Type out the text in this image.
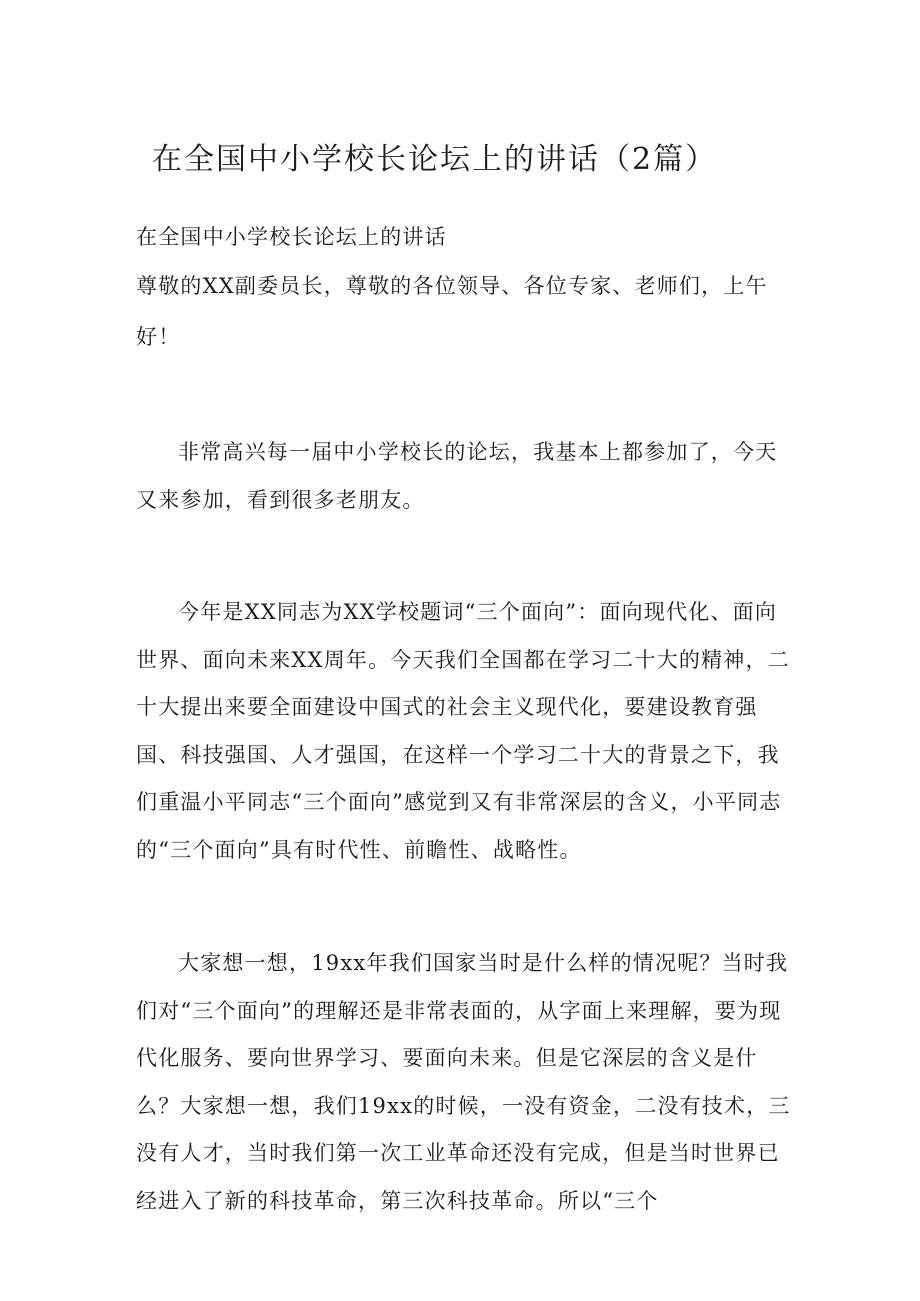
在全国中小学校长论坛上的讲话（2篇）

在全国中小学校长论坛上的讲话

尊敬的XX副委员长，尊敬的各位领导、各位专家、老师们，上午好！

非常高兴每一届中小学校长的论坛，我基本上都参加了，今天又来参加，看到很多老朋友。

今年是XX同志为XX学校题词“三个面向”：面向现代化、面向世界、面向未来XX周年。今天我们全国都在学习二十大的精神，二十大提出来要全面建设中国式的社会主义现代化，要建设教育强国、科技强国、人才强国，在这样一个学习二十大的背景之下，我们重温小平同志“三个面向”感觉到又有非常深层的含义，小平同志的“三个面向”具有时代性、前瞻性、战略性。

大家想一想，19xx年我们国家当时是什么样的情况呢？当时我们对“三个面向”的理解还是非常表面的，从字面上来理解，要为现代化服务、要向世界学习、要面向未来。但是它深层的含义是什么？大家想一想，我们19xx的时候，一没有资金，二没有技术，三没有人才，当时我们第一次工业革命还没有完成，但是当时世界已经进入了新的科技革命，第三次科技革命。所以“三个
